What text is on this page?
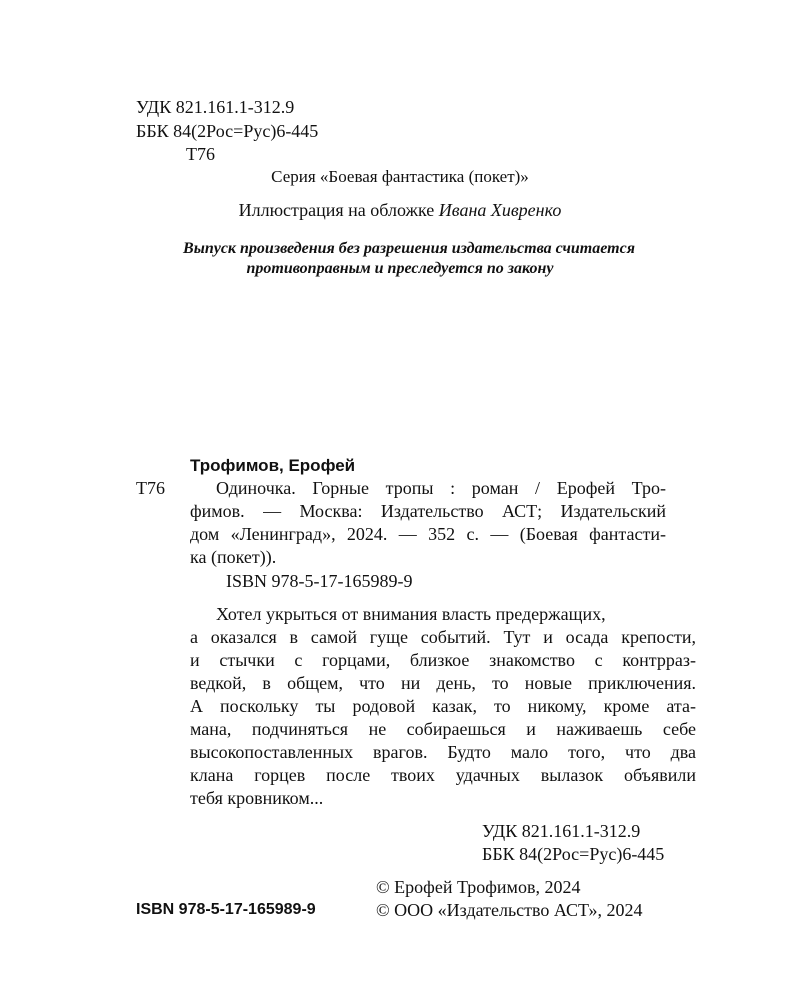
УДК 821.161.1-312.9
ББК 84(2Рос=Рус)6-445
Т76
Серия «Боевая фантастика (покет)»
Иллюстрация на обложке Ивана Хивренко
Выпуск произведения без разрешения издательства считается
противоправным и преследуется по закону
Трофимов, Ерофей
Т76	Одиночка. Горные тропы : роман / Ерофей Тро-
фимов. — Москва: Издательство АСТ; Издательский
дом «Ленинград», 2024. — 352 с. — (Боевая фантасти-
ка (покет)).
ISBN 978-5-17-165989-9
Хотел укрыться от внимания власть предержащих,
а оказался в самой гуще событий. Тут и осада крепости,
и стычки с горцами, близкое знакомство с контрраз-
ведкой, в общем, что ни день, то новые приключения.
А поскольку ты родовой казак, то никому, кроме ата-
мана, подчиняться не собираешься и наживаешь себе
высокопоставленных врагов. Будто мало того, что два
клана горцев после твоих удачных вылазок объявили
тебя кровником...
УДК 821.161.1-312.9
ББК 84(2Рос=Рус)6-445
© Ерофей Трофимов, 2024
ISBN 978-5-17-165989-9	© ООО «Издательство АСТ», 2024
